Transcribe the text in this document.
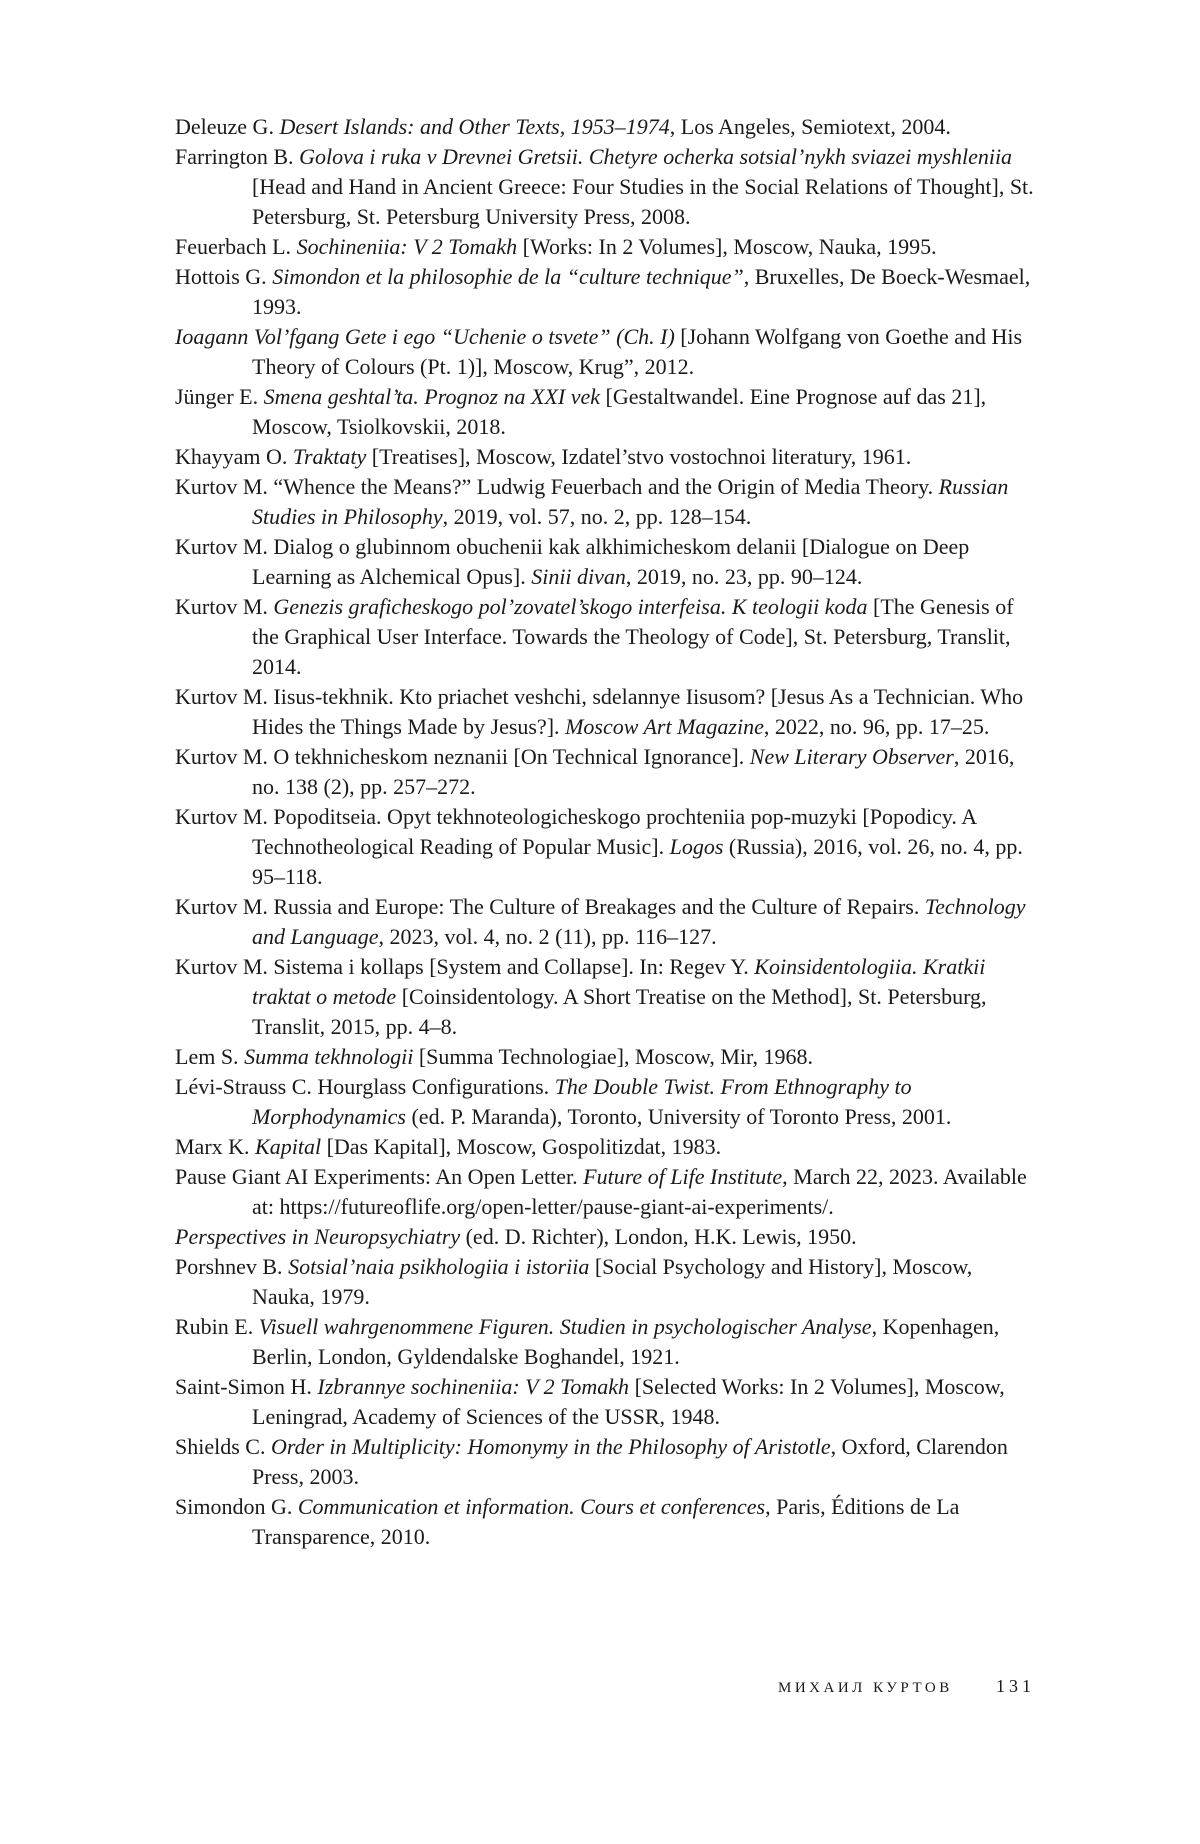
Deleuze G. Desert Islands: and Other Texts, 1953–1974, Los Angeles, Semiotext, 2004.

Farrington B. Golova i ruka v Drevnei Gretsii. Chetyre ocherka sotsial’nykh sviazei myshleniia [Head and Hand in Ancient Greece: Four Studies in the Social Relations of Thought], St. Petersburg, St. Petersburg University Press, 2008.

Feuerbach L. Sochineniia: V 2 Tomakh [Works: In 2 Volumes], Moscow, Nauka, 1995.

Hottois G. Simondon et la philosophie de la “culture technique”, Bruxelles, De Boeck-Wesmael, 1993.

Ioagann Vol’fgang Gete i ego “Uchenie o tsvete” (Ch. I) [Johann Wolfgang von Goethe and His Theory of Colours (Pt. 1)], Moscow, Krug”, 2012.

Jünger E. Smena geshtal’ta. Prognoz na XXI vek [Gestaltwandel. Eine Prognose auf das 21], Moscow, Tsiolkovskii, 2018.

Khayyam O. Traktaty [Treatises], Moscow, Izdatel’stvo vostochnoi literatury, 1961.

Kurtov M. “Whence the Means?” Ludwig Feuerbach and the Origin of Media Theory. Russian Studies in Philosophy, 2019, vol. 57, no. 2, pp. 128–154.

Kurtov M. Dialog o glubinnom obuchenii kak alkhimicheskom delanii [Dialogue on Deep Learning as Alchemical Opus]. Sinii divan, 2019, no. 23, pp. 90–124.

Kurtov M. Genezis graficheskogo pol’zovatel’skogo interfeisa. K teologii koda [The Genesis of the Graphical User Interface. Towards the Theology of Code], St. Petersburg, Translit, 2014.

Kurtov M. Iisus-tekhnik. Kto priachet veshchi, sdelannye Iisusom? [Jesus As a Technician. Who Hides the Things Made by Jesus?]. Moscow Art Magazine, 2022, no. 96, pp. 17–25.

Kurtov M. O tekhnicheskom neznanii [On Technical Ignorance]. New Literary Observer, 2016, no. 138 (2), pp. 257–272.

Kurtov M. Popoditseia. Opyt tekhnoteologicheskogo prochteniia pop-muzyki [Popodicy. A Technotheological Reading of Popular Music]. Logos (Russia), 2016, vol. 26, no. 4, pp. 95–118.

Kurtov M. Russia and Europe: The Culture of Breakages and the Culture of Repairs. Technology and Language, 2023, vol. 4, no. 2 (11), pp. 116–127.

Kurtov M. Sistema i kollaps [System and Collapse]. In: Regev Y. Koinsidentologiia. Kratkii traktat o metode [Coinsidentology. A Short Treatise on the Method], St. Petersburg, Translit, 2015, pp. 4–8.

Lem S. Summa tekhnologii [Summa Technologiae], Moscow, Mir, 1968.

Lévi-Strauss C. Hourglass Configurations. The Double Twist. From Ethnography to Morphodynamics (ed. P. Maranda), Toronto, University of Toronto Press, 2001.

Marx K. Kapital [Das Kapital], Moscow, Gospolitizdat, 1983.

Pause Giant AI Experiments: An Open Letter. Future of Life Institute, March 22, 2023. Available at: https://futureoflife.org/open-letter/pause-giant-ai-experiments/.

Perspectives in Neuropsychiatry (ed. D. Richter), London, H.K. Lewis, 1950.

Porshnev B. Sotsial’naia psikhologiia i istoriia [Social Psychology and History], Moscow, Nauka, 1979.

Rubin E. Visuell wahrgenommene Figuren. Studien in psychologischer Analyse, Kopenhagen, Berlin, London, Gyldendalske Boghandel, 1921.

Saint-Simon H. Izbrannye sochineniia: V 2 Tomakh [Selected Works: In 2 Volumes], Moscow, Leningrad, Academy of Sciences of the USSR, 1948.

Shields C. Order in Multiplicity: Homonymy in the Philosophy of Aristotle, Oxford, Clarendon Press, 2003.

Simondon G. Communication et information. Cours et conferences, Paris, Éditions de La Transparence, 2010.

МИХАИЛ КУРТОВ 131
